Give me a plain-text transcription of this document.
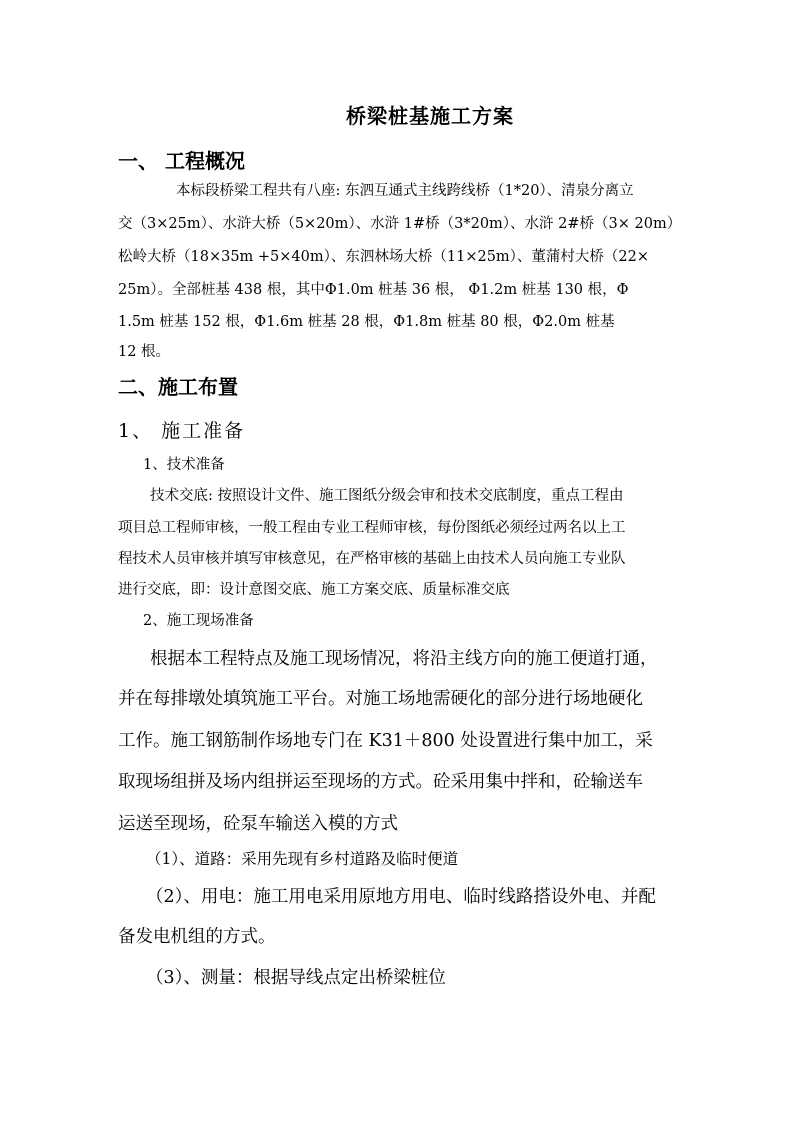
桥梁桩基施工方案
一、 工程概况
本标段桥梁工程共有八座: 东泗互通式主线跨线桥（1*20）、清泉分离立
交（3×25m）、水浒大桥（5×20m）、水浒 1#桥（3*20m）、水浒 2#桥（3× 20m）
松岭大桥（18×35m +5×40m）、东泗林场大桥（11×25m）、董蒲村大桥（22×
25m）。全部桩基 438 根，其中Φ1.0m 桩基 36 根， Φ1.2m 桩基 130 根，Φ
1.5m 桩基 152 根，Φ1.6m 桩基 28 根，Φ1.8m 桩基 80 根，Φ2.0m 桩基
12 根。
二、施工布置
1、 施工准备
1、技术准备
技术交底: 按照设计文件、施工图纸分级会审和技术交底制度，重点工程由
项目总工程师审核，一般工程由专业工程师审核，每份图纸必须经过两名以上工
程技术人员审核并填写审核意见，在严格审核的基础上由技术人员向施工专业队
进行交底，即：设计意图交底、施工方案交底、质量标准交底
2、施工现场准备
根据本工程特点及施工现场情况，将沿主线方向的施工便道打通，
并在每排墩处填筑施工平台。对施工场地需硬化的部分进行场地硬化
工作。施工钢筋制作场地专门在 K31＋800 处设置进行集中加工，采
取现场组拼及场内组拼运至现场的方式。砼采用集中拌和，砼输送车
运送至现场，砼泵车输送入模的方式
（1）、道路：采用先现有乡村道路及临时便道
（2）、用电：施工用电采用原地方用电、临时线路搭设外电、并配
备发电机组的方式。
（3）、测量：根据导线点定出桥梁桩位
